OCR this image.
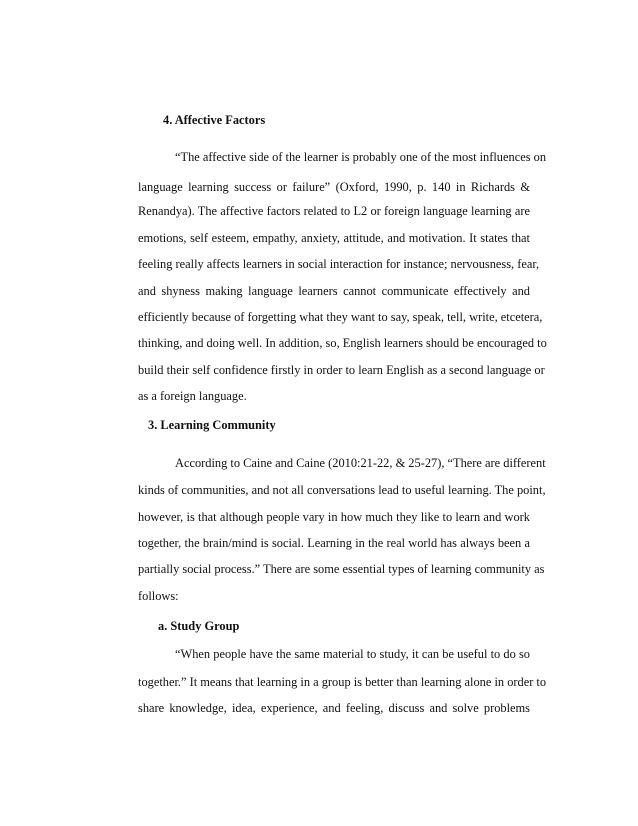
4. Affective Factors
“The affective side of the learner is probably one of the most influences on
language learning success or failure” (Oxford, 1990, p. 140 in Richards &
Renandya). The affective factors related to L2 or foreign language learning are
emotions, self esteem, empathy, anxiety, attitude, and motivation. It states that
feeling really affects learners in social interaction for instance; nervousness, fear,
and shyness making language learners cannot communicate effectively and
efficiently because of forgetting what they want to say, speak, tell, write, etcetera,
thinking, and doing well. In addition, so, English learners should be encouraged to
build their self confidence firstly in order to learn English as a second language or
as a foreign language.
3. Learning Community
According to Caine and Caine (2010:21-22, & 25-27), “There are different
kinds of communities, and not all conversations lead to useful learning. The point,
however, is that although people vary in how much they like to learn and work
together, the brain/mind is social. Learning in the real world has always been a
partially social process.” There are some essential types of learning community as
follows:
a. Study Group
“When people have the same material to study, it can be useful to do so
together.” It means that learning in a group is better than learning alone in order to
share knowledge, idea, experience, and feeling, discuss and solve problems
